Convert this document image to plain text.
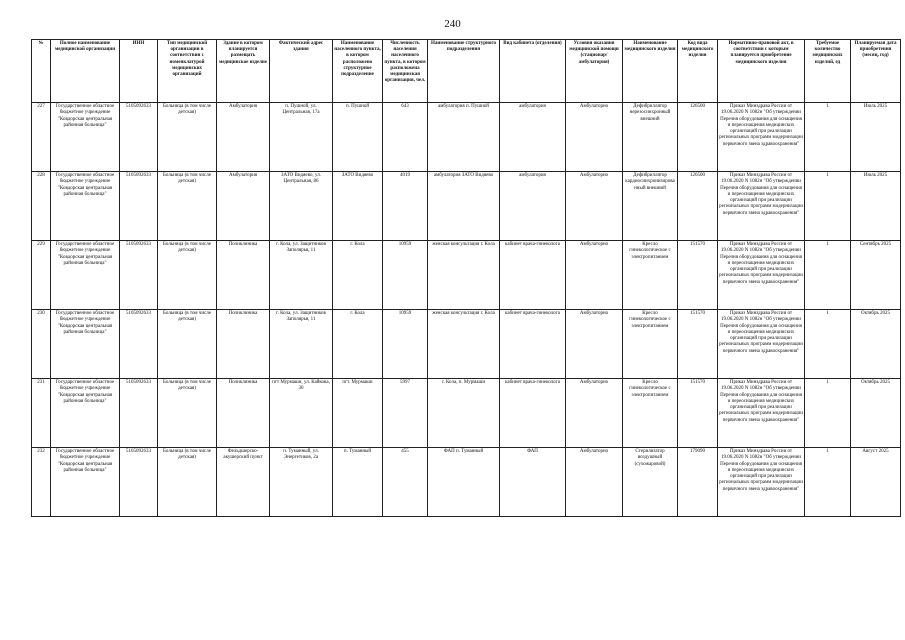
240
№	Полное наименование медицинской организации	ИНН	Тип медицинской организации в соответствии с номенклатурой медицинских организаций	Здание в котором планируется размещать медицинское изделие	Фактический адрес здания	Наименование населенного пункта, в котором расположено структурное подразделение	Численность населения населенного пункта, в котором расположена медицинская организация, чел.	Наименование структурного подразделения	Вид кабинета (отделения)	Условия оказания медицинской помощи (стационар/амбулатория)	Наименование медицинского изделия	Код вида медицинского изделия	Нормативно-правовой акт, в соответствии с которым планируется приобретение медицинского изделия	Требуемое количество медицинских изделий, ед	Планируемая дата приобретения (месяц, год)
227	Государственное областное бюджетное учреждение "Ковдорская центральная районная больница"	5105092633	Больница (в том числе детская)	Амбулатория	п. Пушной, ул. Центральная, 17а	п. Пушной	643	амбулатория п. Пушной	амбулатория	Амбулаторно	Дефибриллятор нерезосинхронный внешний	126500	Приказ Минздрава России от 19.06.2020 N 1082н "Об утверждении Перечня оборудования для оснащения и переоснащения медицинских организаций при реализации региональных программ модернизации первичного звена здравоохранения"	1	Июль 2025
228	Государственное областное бюджетное учреждение "Ковдорская центральная районная больница"	5105092633	Больница (в том числе детская)	Амбулатория	ЗАТО Видяево, ул. Центральная, 86	ЗАТО Видяево	4019	амбулатория ЗАТО Видяево	амбулатория	Амбулаторно	Дефибриллятор кардиосинхронизированный внешний	126500	Приказ Минздрава России от 19.06.2020 N 1082н "Об утверждении Перечня оборудования для оснащения и переоснащения медицинских организаций при реализации региональных программ модернизации первичного звена здравоохранения"	1	Июль 2025
229	Государственное областное бюджетное учреждение "Ковдорская центральная районная больница"	5105092633	Больница (в том числе детская)	Поликлиника	г. Кола, ул. Защитников Заполярья, 11	г. Кола	10959	женская консультация г. Кола	кабинет врача-гинеколога	Амбулаторно	Кресло гинекологическое с электропитанием	151570	Приказ Минздрава России от 19.06.2020 N 1082н "Об утверждении Перечня оборудования для оснащения и переоснащения медицинских организаций при реализации региональных программ модернизации первичного звена здравоохранения"	1	Сентябрь 2025
230	Государственное областное бюджетное учреждение "Ковдорская центральная районная больница"	5105092633	Больница (в том числе детская)	Поликлиника	г. Кола, ул. Защитников Заполярья, 11	г. Кола	10959	женская консультация г. Кола	кабинет врача-гинеколога	Амбулаторно	Кресло гинекологическое с электропитанием	151570	Приказ Минздрава России от 19.06.2020 N 1082н "Об утверждении Перечня оборудования для оснащения и переоснащения медицинских организаций при реализации региональных программ модернизации первичного звена здравоохранения"	1	Октябрь 2025
231	Государственное областное бюджетное учреждение "Ковдорская центральная районная больница"	5105092633	Больница (в том числе детская)	Поликлиника	пгт Мурмаши, ул. Кайкова, 30	пгт. Мурмаши	5997	г. Кола, п. Мурмаши	кабинет врача-гинеколога	Амбулаторно	Кресло гинекологическое с электропитанием	151570	Приказ Минздрава России от 19.06.2020 N 1082н "Об утверждении Перечня оборудования для оснащения и переоснащения медицинских организаций при реализации региональных программ модернизации первичного звена здравоохранения"	1	Октябрь 2025
232	Государственное областное бюджетное учреждение "Ковдорская центральная районная больница"	5105092633	Больница (в том числе детская)	Фельдшерско-акушерский пункт	п. Туманный, ул. Энергетиков, 2а	п. Туманный	455	ФАП п. Туманный	ФАП	Амбулаторно	Стерилизатор воздушный (сухожаровой)	179090	Приказ Минздрава России от 19.06.2020 N 1082н "Об утверждении Перечня оборудования для оснащения и переоснащения медицинских организаций при реализации региональных программ модернизации первичного звена здравоохранения"	1	Август 2025
